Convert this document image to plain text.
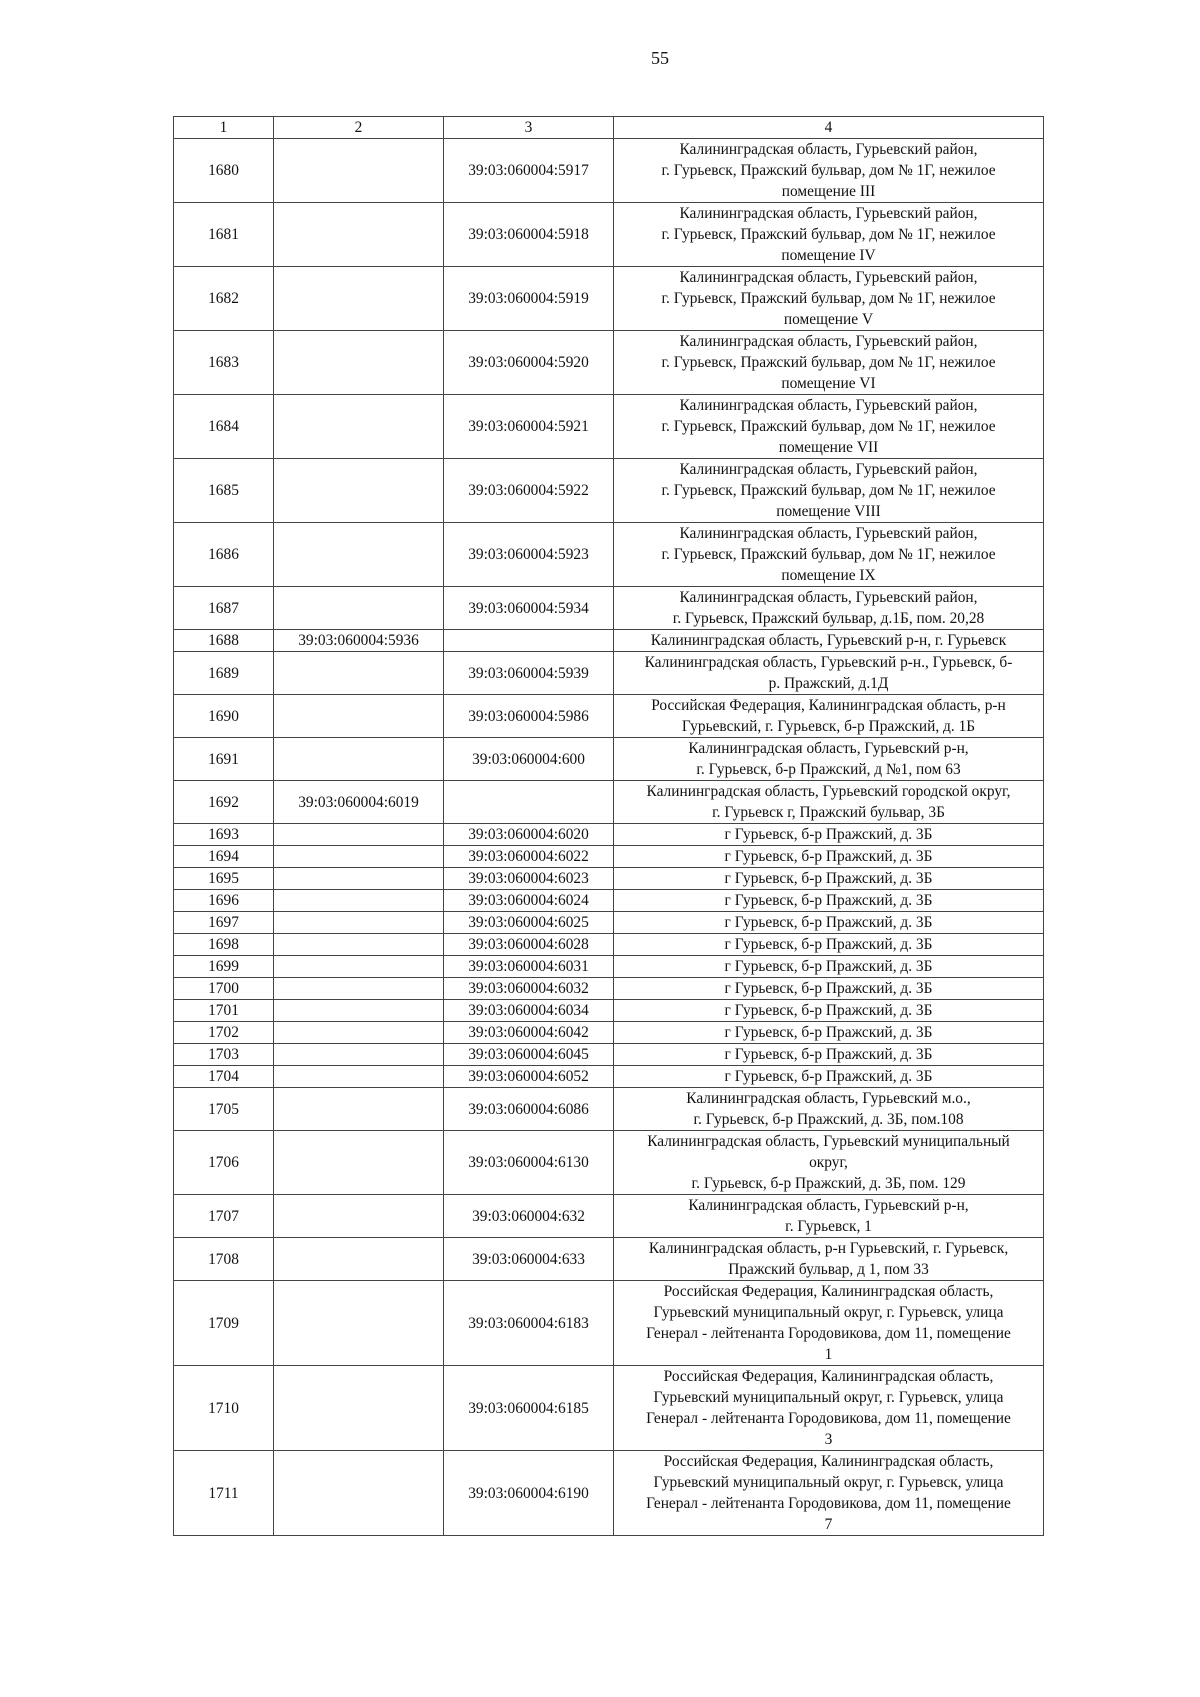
55
1	2	3	4
1680		39:03:060004:5917	Калининградская область, Гурьевский район,
г. Гурьевск, Пражский бульвар, дом № 1Г, нежилое
помещение III
1681		39:03:060004:5918	Калининградская область, Гурьевский район,
г. Гурьевск, Пражский бульвар, дом № 1Г, нежилое
помещение IV
1682		39:03:060004:5919	Калининградская область, Гурьевский район,
г. Гурьевск, Пражский бульвар, дом № 1Г, нежилое
помещение V
1683		39:03:060004:5920	Калининградская область, Гурьевский район,
г. Гурьевск, Пражский бульвар, дом № 1Г, нежилое
помещение VI
1684		39:03:060004:5921	Калининградская область, Гурьевский район,
г. Гурьевск, Пражский бульвар, дом № 1Г, нежилое
помещение VII
1685		39:03:060004:5922	Калининградская область, Гурьевский район,
г. Гурьевск, Пражский бульвар, дом № 1Г, нежилое
помещение VIII
1686		39:03:060004:5923	Калининградская область, Гурьевский район,
г. Гурьевск, Пражский бульвар, дом № 1Г, нежилое
помещение IX
1687		39:03:060004:5934	Калининградская область, Гурьевский район,
г. Гурьевск, Пражский бульвар, д.1Б, пом. 20,28
1688	39:03:060004:5936		Калининградская область, Гурьевский р-н, г. Гурьевск
1689		39:03:060004:5939	Калининградская область, Гурьевский р-н., Гурьевск, б-
р. Пражский, д.1Д
1690		39:03:060004:5986	Российская Федерация, Калининградская область, р-н
Гурьевский, г. Гурьевск, б-р Пражский, д. 1Б
1691		39:03:060004:600	Калининградская область, Гурьевский р-н,
г. Гурьевск, б-р Пражский, д №1, пом 63
1692	39:03:060004:6019		Калининградская область, Гурьевский городской округ,
г. Гурьевск г, Пражский бульвар, 3Б
1693		39:03:060004:6020	г Гурьевск, б-р Пражский, д. 3Б
1694		39:03:060004:6022	г Гурьевск, б-р Пражский, д. 3Б
1695		39:03:060004:6023	г Гурьевск, б-р Пражский, д. 3Б
1696		39:03:060004:6024	г Гурьевск, б-р Пражский, д. 3Б
1697		39:03:060004:6025	г Гурьевск, б-р Пражский, д. 3Б
1698		39:03:060004:6028	г Гурьевск, б-р Пражский, д. 3Б
1699		39:03:060004:6031	г Гурьевск, б-р Пражский, д. 3Б
1700		39:03:060004:6032	г Гурьевск, б-р Пражский, д. 3Б
1701		39:03:060004:6034	г Гурьевск, б-р Пражский, д. 3Б
1702		39:03:060004:6042	г Гурьевск, б-р Пражский, д. 3Б
1703		39:03:060004:6045	г Гурьевск, б-р Пражский, д. 3Б
1704		39:03:060004:6052	г Гурьевск, б-р Пражский, д. 3Б
1705		39:03:060004:6086	Калининградская область, Гурьевский м.о.,
г. Гурьевск, б-р Пражский, д. 3Б, пом.108
1706		39:03:060004:6130	Калининградская область, Гурьевский муниципальный
округ,
г. Гурьевск, б-р Пражский, д. 3Б, пом. 129
1707		39:03:060004:632	Калининградская область, Гурьевский р-н,
г. Гурьевск, 1
1708		39:03:060004:633	Калининградская область, р-н Гурьевский, г. Гурьевск,
Пражский бульвар, д 1, пом 33
1709		39:03:060004:6183	Российская Федерация, Калининградская область,
Гурьевский муниципальный округ, г. Гурьевск, улица
Генерал - лейтенанта Городовикова, дом 11, помещение
1
1710		39:03:060004:6185	Российская Федерация, Калининградская область,
Гурьевский муниципальный округ, г. Гурьевск, улица
Генерал - лейтенанта Городовикова, дом 11, помещение
3
1711		39:03:060004:6190	Российская Федерация, Калининградская область,
Гурьевский муниципальный округ, г. Гурьевск, улица
Генерал - лейтенанта Городовикова, дом 11, помещение
7
